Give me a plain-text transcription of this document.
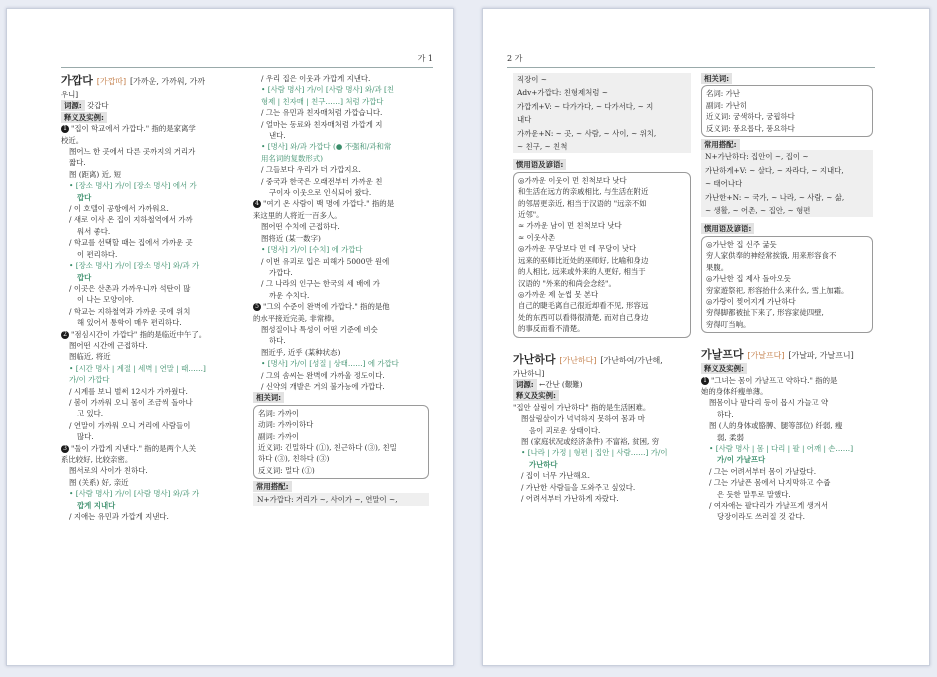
가 1
가깝다 [가깝따] [가까운, 가까워, 가까
우니]
词源: 갖갑다
释义及实例:
1 "집이 학교에서 가깝다." 指的是家离学
校近。
图어느 한 곳에서 다른 곳까지의 거리가
짧다.
图 (距离) 近, 短
• [장소 명사] 가/이 [장소 명사] 에서 가
깝다
/ 이 호텔이 공항에서 가까워요.
/ 새로 이사 온 집이 지하철역에서 가까
워서 좋다.
/ 학교를 선택할 때는 집에서 가까운 곳
이 편리하다.
• [장소 명사] 가/이 [장소 명사] 와/과 가
깝다
/ 이곳은 산촌과 가까우니까 석탄이 많
이 나는 모양이야.
/ 학교는 지하철역과 가까운 곳에 위치
해 있어서 통학이 매우 편리하다.
2 "점심시간이 가깝다" 指的是临近中午了。
图어떤 시간에 근접하다.
图临近, 将近
• [시간 명사 | 계절 | 세벽 | 연말 | 때……]
가/이 가깝다
/ 시계를 보니 벌써 12시가 가까웠다.
/ 봄이 가까워 오니 몸이 조금씩 돌아나
고 있다.
/ 연말이 가까워 오니 거리에 사람들이
많다.
3 "둘이 가깝게 지낸다." 指的是两个人关
系比较好, 比较亲密。
图서로의 사이가 친하다.
图 (关系) 好, 亲近
• [사람 명사] 가/이 [사람 명사] 와/과 가
깝게 지내다
/ 지애는 유민과 가깝게 지낸다.
/ 우리 집은 이웃과 가깝게 지낸다.
• [사람 명사] 가/이 [사람 명사] 와/과 [친
형제 | 친자매 | 친구……] 처럼 가깝다
/ 그는 유민과 친자매처럼 가깝습니다.
/ 얼마는 동료와 친자매처럼 가깝게 지
낸다.
• [명사] 와/과 가깝다 (● 不强和/과和常
用名词的复数形式)
/ 그들보다 우리가 더 가깝지요.
/ 중국과 한국은 오래전부터 가까운 친
구이자 이웃으로 인식되어 왔다.
4 "여기 온 사람이 백 명에 가깝다." 指的是
来这里的人将近一百多人。
图어떤 수치에 근접하다.
图将近 (某一数字)
• [명사] 가/이 [수치] 에 가깝다
/ 이번 유괴로 입은 피해가 5000만 원에
가깝다.
/ 그 나라의 인구는 한국의 세 배에 가
까운 수치다.
5 "그의 수준이 완벽에 가깝다." 指的是他
的水平接近完美, 非常棒。
图성질이나 특성이 어떤 기준에 비슷
하다.
图近乎, 近乎 (某种状态)
• [명사] 가/이 [성질 | 상태……] 에 가깝다
/ 그의 솜씨는 완벽에 가까울 정도이다.
/ 신약의 개발은 거의 불가능에 가깝다.
相关词:
名词: 가까이
动词: 가까이하다
副词: 가까이
近义词: 긴밀하다 (①), 친근하다 (③), 친밀
하다 (③), 친하다 (③)
反义词: 멀다 (①)
常用搭配:
N+가깝다: 거리가 ~, 사이가 ~, 연말이 ~,
2 가
직장이 ~
Adv+가깝다: 친형제처럼 ~
가깝게+V: ~ 다가가다, ~ 다가서다, ~ 지
내다
가까운+N: ~ 곳, ~ 사람, ~ 사이, ~ 위치,
~ 친구, ~ 친척
惯用语及谚语:
◎가까운 이웃이 먼 친척보다 낫다
和生活在远方的亲戚相比, 与生活在附近
的邻居更亲近, 相当于汉语的 "远亲不如
近邻"。
≈ 가까운 남이 먼 친척보다 낫다
≈ 이웃사촌
◎가까운 무당보다 먼 데 무당이 낫다
远来的巫师比近处的巫师好, 比喻和身边
的人相比, 远来或外来的人更好, 相当于
汉语的 "外来的和尚会念经"。
◎가까운 제 눈썹 못 본다
自己的睫毛离自己很近却看不见, 形容远
处的东西可以看得很清楚, 而对自己身边
的事反而看不清楚。
가난하다 [가난하다] [가난하여/가난해,
가난하니]
词源: ←간난 (艱難)
释义及实例:
"집안 살림이 가난하다" 指的是生活困难。
图살림살이가 넉넉하지 못하여 몸과 마
음이 괴로운 상태이다.
图 (家庭状况或经济条件) 不富裕, 贫困, 穷
• [나라 | 가정 | 형편 | 집안 | 사람……] 가/이
가난하다
/ 집이 너무 가난해요.
/ 가난한 사람들을 도와주고 싶었다.
/ 어려서부터 가난하게 자랐다.
相关词:
名词: 가난
副词: 가난히
近义词: 궁색하다, 궁핍하다
反义词: 풍요롭다, 풍요하다
常用搭配:
N+가난하다: 집안이 ~, 집이 ~
가난하게+V: ~ 살다, ~ 자라다, ~ 지내다,
~ 태어나다
가난한+N: ~ 국가, ~ 나라, ~ 사람, ~ 삶,
~ 생활, ~ 어촌, ~ 집안, ~ 형편
惯用语及谚语:
◎가난한 집 신주 굶듯
穷人家供奉的神经常挨饿, 用来形容食不
果腹。
◎가난한 집 제사 돌아오듯
穷家遊祭祀, 形容抬什么来什么, 雪上加霜。
◎가랑이 찢어지게 가난하다
穷得脚都被扯下来了, 形容家徒四壁,
穷得叮当响。
가날프다 [가날프다] [가날파, 가날프니]
释义及实例:
1 "그녀는 몸이 가날프고 약하다." 指的是
她的身体纤瘦单薄。
图몸이나 팔다리 등이 몹시 가늘고 약
하다.
图 (人的身体或胳膊、腿等部位) 纤弱, 瘦
弱, 柔弱
• [사람 명사 | 몸 | 다리 | 팔 | 어깨 | 손……]
가/이 가날프다
/ 그는 어려서부터 몸이 가날랐다.
/ 그는 가날픈 몸에서 나지막하고 수줍
은 듯한 말투로 말했다.
/ 여자애는 팔다리가 가날프게 생겨서
당장이라도 쓰러질 것 같다.
